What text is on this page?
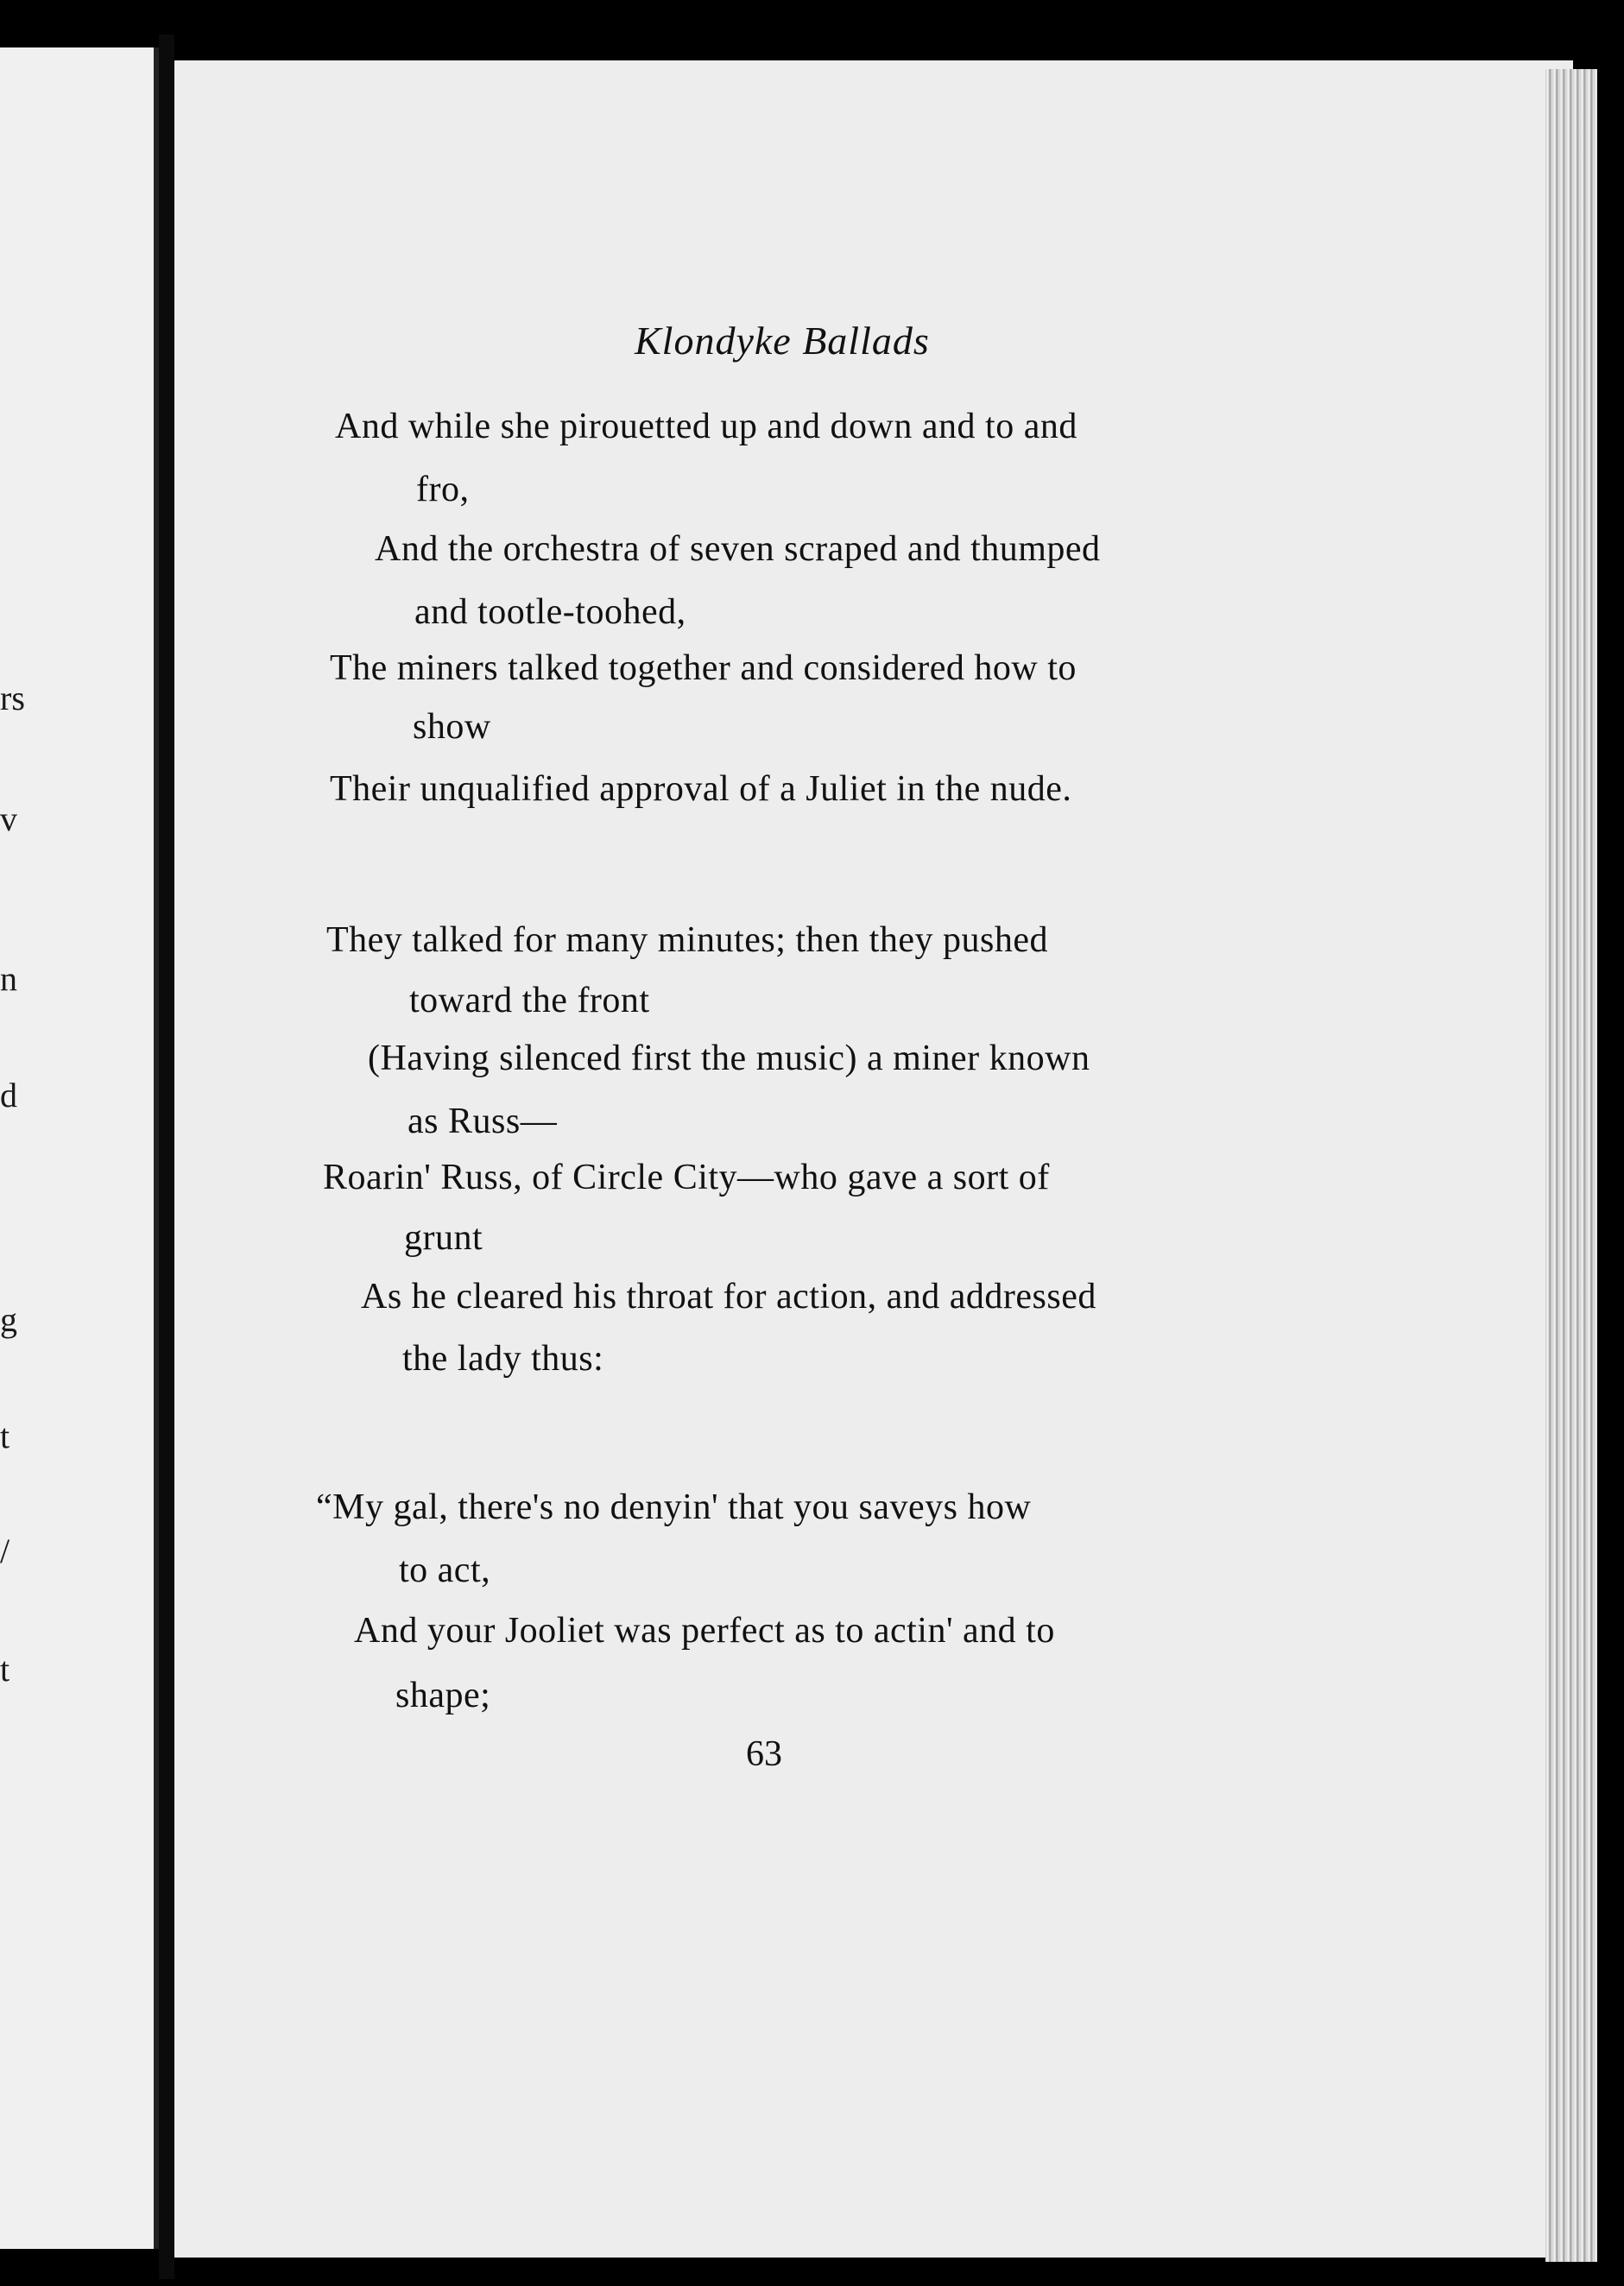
rs
v
n
d
g
t
/
t
Klondyke Ballads
And while she pirouetted up and down and to and
fro,
And the orchestra of seven scraped and thumped
and tootle-toohed,
The miners talked together and considered how to
show
Their unqualified approval of a Juliet in the nude.
They talked for many minutes; then they pushed
toward the front
(Having silenced first the music) a miner known
as Russ—
Roarin' Russ, of Circle City—who gave a sort of
grunt
As he cleared his throat for action, and addressed
the lady thus:
“My gal, there's no denyin' that you saveys how
to act,
And your Jooliet was perfect as to actin' and to
shape;
63
